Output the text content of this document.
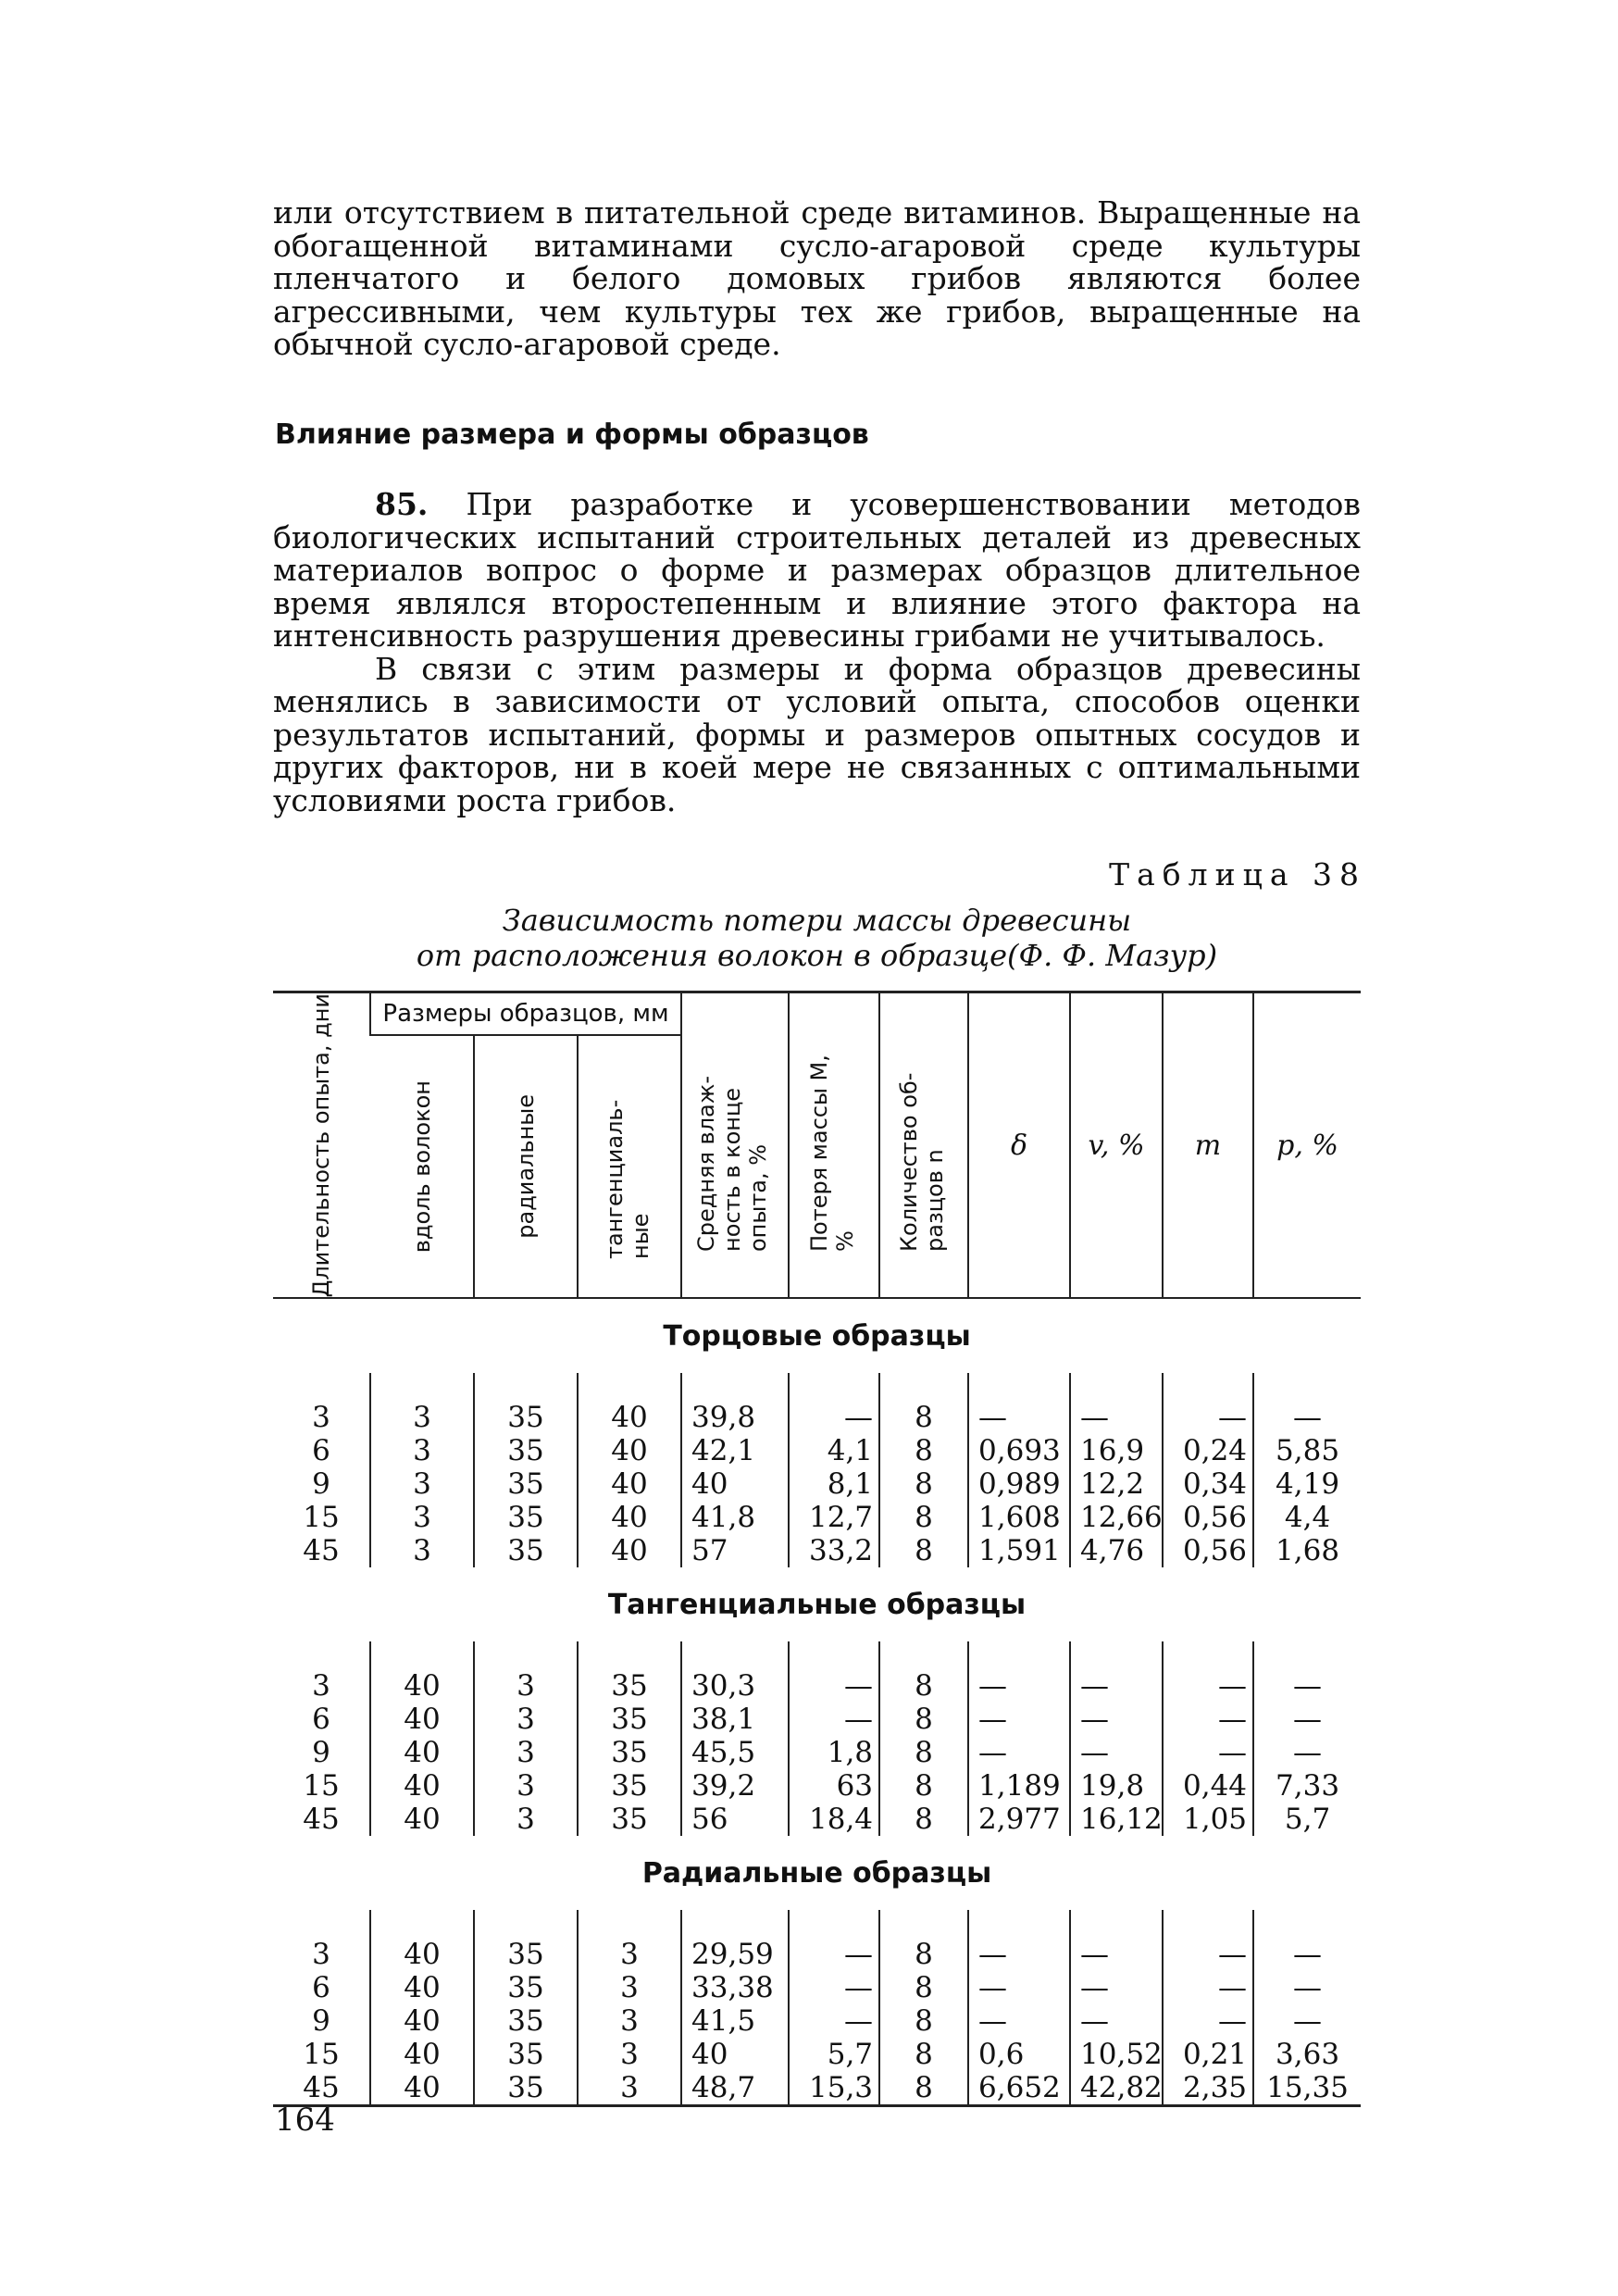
или отсутствием в питательной среде витаминов. Выращенные на обогащенной витаминами сусло-агаровой среде культуры пленчатого и белого домовых грибов являются более агрессивными, чем культуры тех же грибов, выращенные на обычной сусло-агаровой среде.

Влияние размера и формы образцов

85. При разработке и усовершенствовании методов биологических испытаний строительных деталей из древесных материалов вопрос о форме и размерах образцов длительное время являлся второстепенным и влияние этого фактора на интенсивность разрушения древесины грибами не учитывалось.

В связи с этим размеры и форма образцов древесины менялись в зависимости от условий опыта, способов оценки результатов испытаний, формы и размеров опытных сосудов и других факторов, ни в коей мере не связанных с оптимальными условиями роста грибов.

Таблица 38
Зависимость потери массы древесины
от расположения волокон в образце(Ф. Ф. Мазур)
Длительность опыта, дни	Размеры образцов, мм			Средняя влаж-ность в конце опыта, %	Потеря массы М, %	Количество об-разцов n	δ	v, %	m	p, %

	вдоль волокон	радиальные	тангенциаль-ные							

Торцовые образцы										

3	3	35	40	39,8	—	8	—	—	—	—
6	3	35	40	42,1	4,1	8	0,693	16,9	0,24	5,85
9	3	35	40	40	8,1	8	0,989	12,2	0,34	4,19
15	3	35	40	41,8	12,7	8	1,608	12,66	0,56	4,4
45	3	35	40	57	33,2	8	1,591	4,76	0,56	1,68
Тангенциальные образцы										

3	40	3	35	30,3	—	8	—	—	—	—
6	40	3	35	38,1	—	8	—	—	—	—
9	40	3	35	45,5	1,8	8	—	—	—	—
15	40	3	35	39,2	63	8	1,189	19,8	0,44	7,33
45	40	3	35	56	18,4	8	2,977	16,12	1,05	5,7
Радиальные образцы										

3	40	35	3	29,59	—	8	—	—	—	—
6	40	35	3	33,38	—	8	—	—	—	—
9	40	35	3	41,5	—	8	—	—	—	—
15	40	35	3	40	5,7	8	0,6	10,52	0,21	3,63
45	40	35	3	48,7	15,3	8	6,652	42,82	2,35	15,35
164
